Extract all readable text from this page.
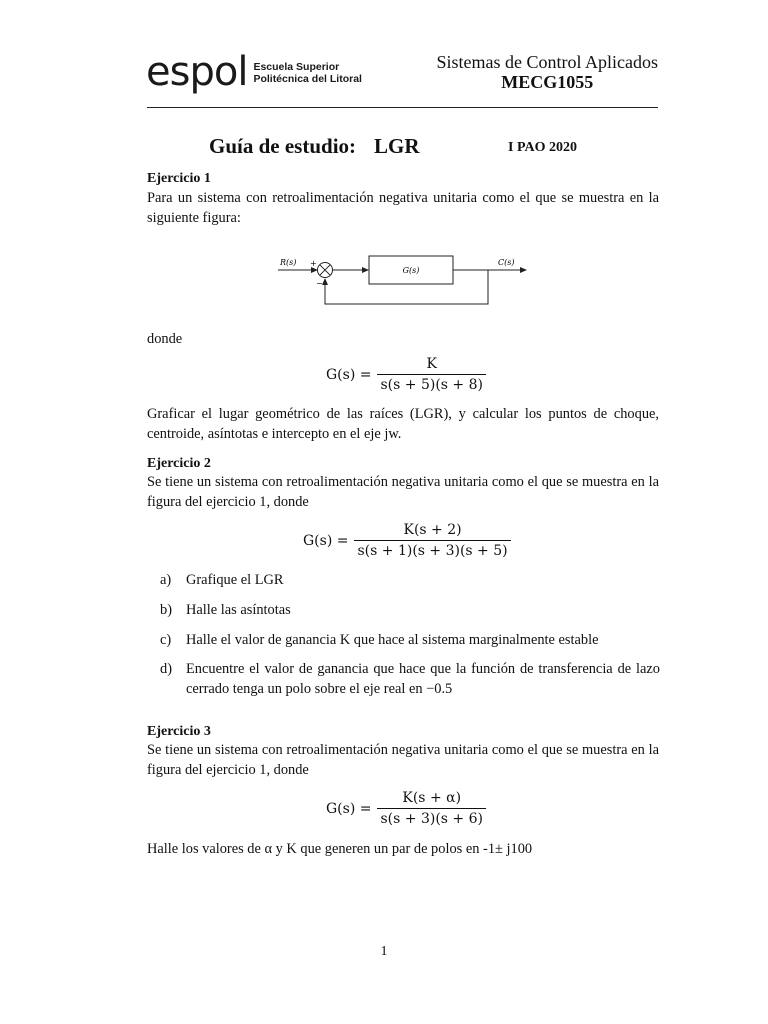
espol Escuela Superior
Politécnica del Litoral
Sistemas de Control Aplicados
MECG1055
Guía de estudio: LGR	I PAO 2020
Ejercicio 1
Para un sistema con retroalimentación negativa unitaria como el que se muestra en la siguiente figura:
R(s) +
−
G(s)
C(s)
donde
$G(s) = \frac{K}{s(s + 5)(s + 8)}$
Graficar el lugar geométrico de las raíces (LGR), y calcular los puntos de choque, centroide, asíntotas e intercepto en el eje jw.
Ejercicio 2
Se tiene un sistema con retroalimentación negativa unitaria como el que se muestra en la figura del ejercicio 1, donde
$G(s) = \frac{K(s + 2)}{s(s + 1)(s + 3)(s + 5)}$
a) Grafique el LGR
b) Halle las asíntotas
c) Halle el valor de ganancia K que hace al sistema marginalmente estable
d) Encuentre el valor de ganancia que hace que la función de transferencia de lazo cerrado tenga un polo sobre el eje real en −0.5
Ejercicio 3
Se tiene un sistema con retroalimentación negativa unitaria como el que se muestra en la figura del ejercicio 1, donde
$G(s) = \frac{K(s + \alpha)}{s(s + 3)(s + 6)}$
Halle los valores de α y K que generen un par de polos en -1± j100
1
